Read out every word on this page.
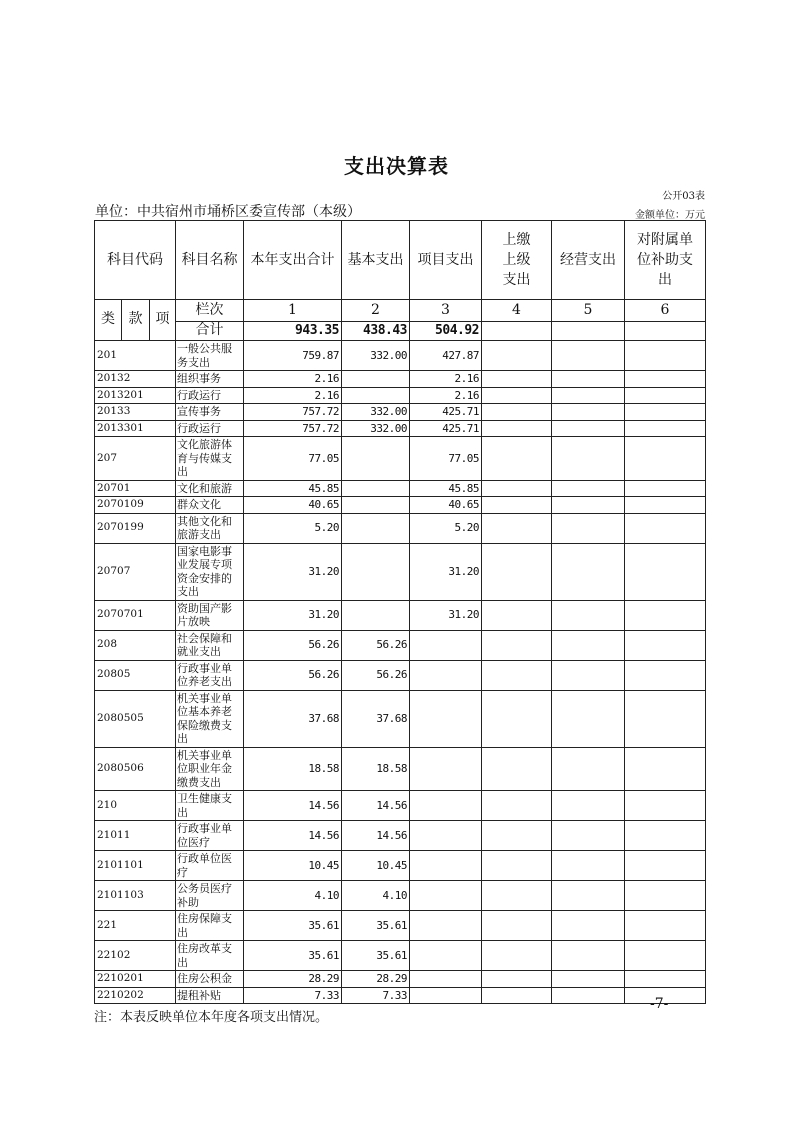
支出决算表
公开03表
单位：中共宿州市埇桥区委宣传部（本级）	金额单位：万元
科目代码			科目名称	本年支出合计	基本支出	项目支出	上缴上级支出	经营支出	对附属单位补助支出
类	款	项	栏次	1	2	3	4	5	6
			合计	943.35	438.43	504.92			
201			一般公共服务支出	759.87	332.00	427.87			
20132			组织事务	2.16		2.16			
2013201			行政运行	2.16		2.16			
20133			宣传事务	757.72	332.00	425.71			
2013301			行政运行	757.72	332.00	425.71			
207			文化旅游体育与传媒支出	77.05		77.05			
20701			文化和旅游	45.85		45.85			
2070109			群众文化	40.65		40.65			
2070199			其他文化和旅游支出	5.20		5.20			
20707			国家电影事业发展专项资金安排的支出	31.20		31.20			
2070701			资助国产影片放映	31.20		31.20			
208			社会保障和就业支出	56.26	56.26				
20805			行政事业单位养老支出	56.26	56.26				
2080505			机关事业单位基本养老保险缴费支出	37.68	37.68				
2080506			机关事业单位职业年金缴费支出	18.58	18.58				
210			卫生健康支出	14.56	14.56				
21011			行政事业单位医疗	14.56	14.56				
2101101			行政单位医疗	10.45	10.45				
2101103			公务员医疗补助	4.10	4.10				
221			住房保障支出	35.61	35.61				
22102			住房改革支出	35.61	35.61				
2210201			住房公积金	28.29	28.29				
2210202			提租补贴	7.33	7.33				
注：本表反映单位本年度各项支出情况。
-7-
